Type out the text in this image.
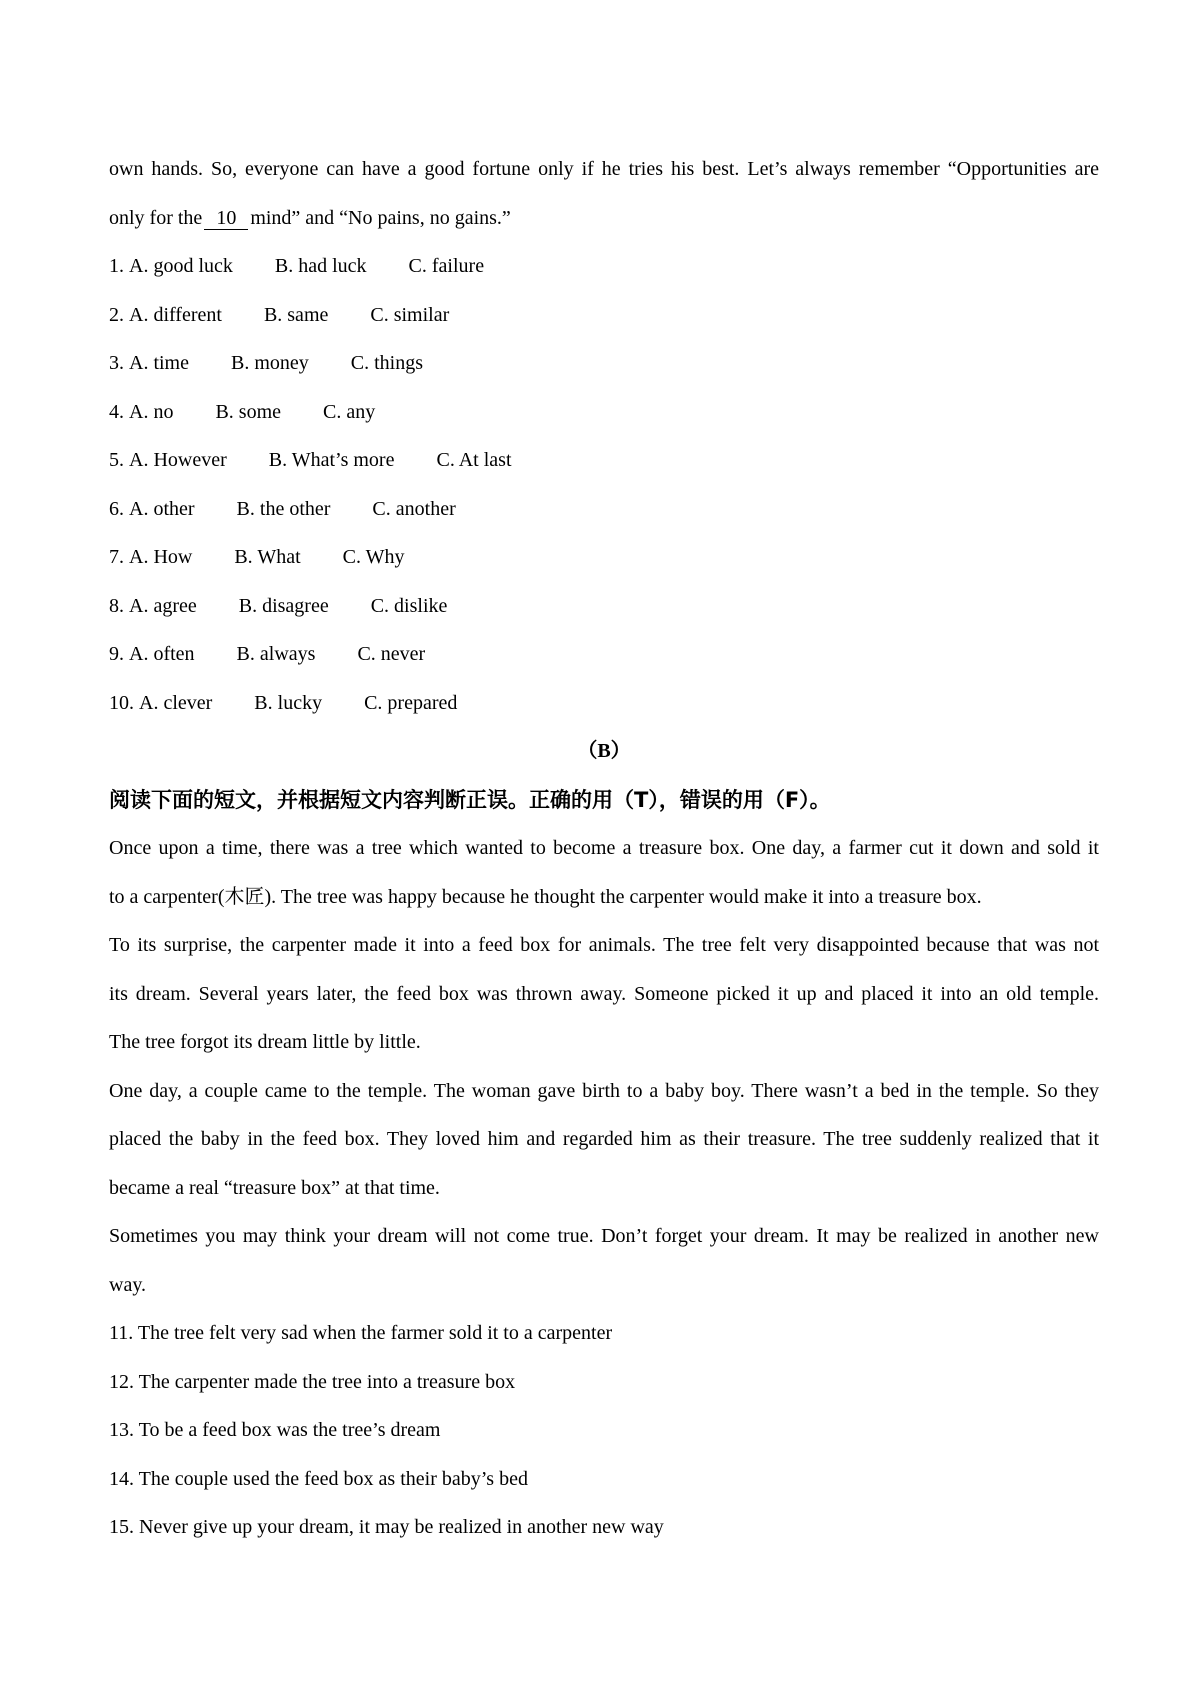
own hands. So, everyone can have a good fortune only if he tries his best. Let’s always remember “Opportunities are
only for the 10 mind” and “No pains, no gains.”
1. A. good luck B. had luck C. failure
2. A. different B. same C. similar
3. A. time B. money C. things
4. A. no B. some C. any
5. A. However B. What’s more C. At last
6. A. other B. the other C. another
7. A. How B. What C. Why
8. A. agree B. disagree C. dislike
9. A. often B. always C. never
10. A. clever B. lucky C. prepared
（B）
阅读下面的短文，并根据短文内容判断正误。正确的用（T），错误的用（F）。
Once upon a time, there was a tree which wanted to become a treasure box. One day, a farmer cut it down and sold it
to a carpenter(木匠). The tree was happy because he thought the carpenter would make it into a treasure box.
To its surprise, the carpenter made it into a feed box for animals. The tree felt very disappointed because that was not
its dream. Several years later, the feed box was thrown away. Someone picked it up and placed it into an old temple.
The tree forgot its dream little by little.
One day, a couple came to the temple. The woman gave birth to a baby boy. There wasn’t a bed in the temple. So they
placed the baby in the feed box. They loved him and regarded him as their treasure. The tree suddenly realized that it
became a real “treasure box” at that time.
Sometimes you may think your dream will not come true. Don’t forget your dream. It may be realized in another new
way.
11. The tree felt very sad when the farmer sold it to a carpenter
12. The carpenter made the tree into a treasure box
13. To be a feed box was the tree’s dream
14. The couple used the feed box as their baby’s bed
15. Never give up your dream, it may be realized in another new way
